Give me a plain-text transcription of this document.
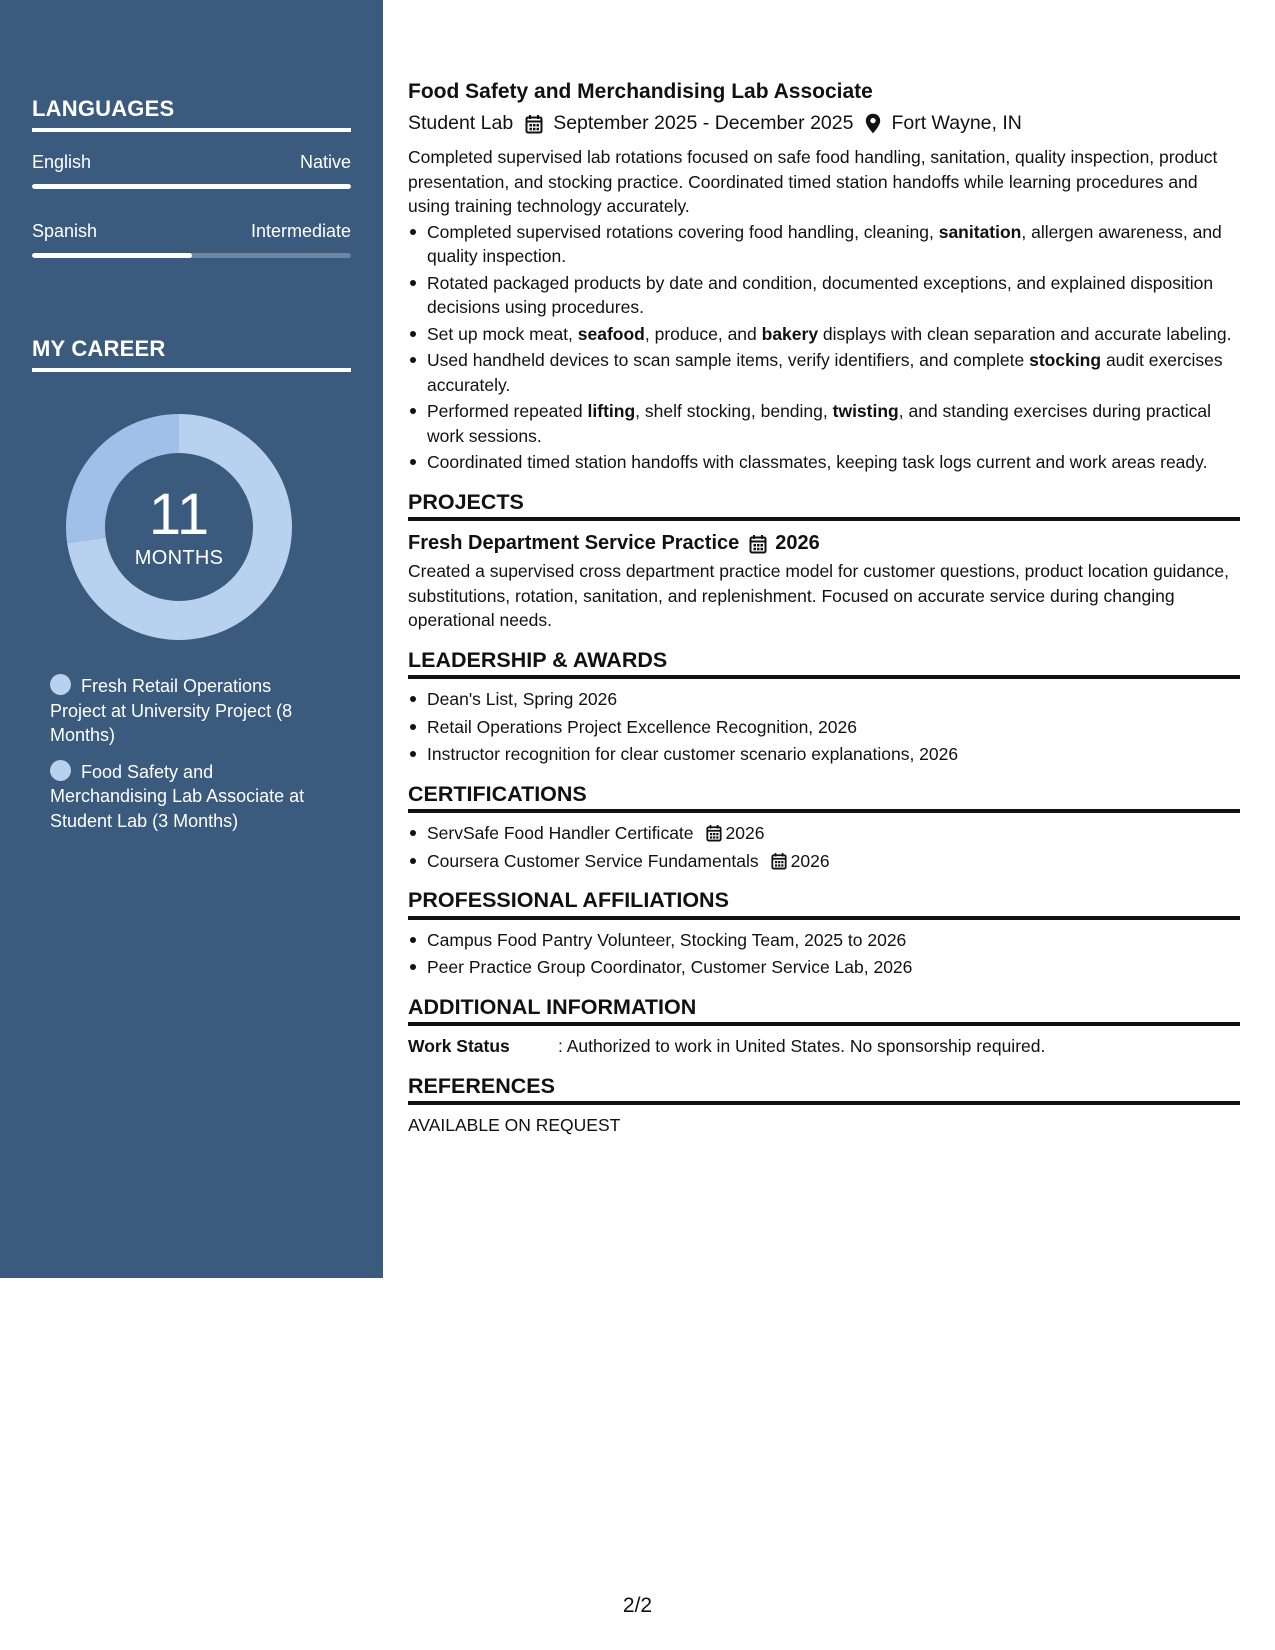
LANGUAGES
English	Native
Spanish	Intermediate
MY CAREER
11
MONTHS
Fresh Retail Operations Project at University Project (8 Months)
Food Safety and Merchandising Lab Associate at Student Lab (3 Months)
Food Safety and Merchandising Lab Associate
Student Lab September 2025 - December 2025 Fort Wayne, IN

Completed supervised lab rotations focused on safe food handling, sanitation, quality inspection, product presentation, and stocking practice. Coordinated timed station handoffs while learning procedures and using training technology accurately.

Completed supervised rotations covering food handling, cleaning, sanitation, allergen awareness, and quality inspection.
Rotated packaged products by date and condition, documented exceptions, and explained disposition decisions using procedures.
Set up mock meat, seafood, produce, and bakery displays with clean separation and accurate labeling.
Used handheld devices to scan sample items, verify identifiers, and complete stocking audit exercises accurately.
Performed repeated lifting, shelf stocking, bending, twisting, and standing exercises during practical work sessions.
Coordinated timed station handoffs with classmates, keeping task logs current and work areas ready.
PROJECTS
Fresh Department Service Practice 2026

Created a supervised cross department practice model for customer questions, product location guidance, substitutions, rotation, sanitation, and replenishment. Focused on accurate service during changing operational needs.

LEADERSHIP & AWARDS
Dean's List, Spring 2026
Retail Operations Project Excellence Recognition, 2026
Instructor recognition for clear customer scenario explanations, 2026
CERTIFICATIONS
ServSafe Food Handler Certificate 2026
Coursera Customer Service Fundamentals 2026
PROFESSIONAL AFFILIATIONS
Campus Food Pantry Volunteer, Stocking Team, 2025 to 2026
Peer Practice Group Coordinator, Customer Service Lab, 2026
ADDITIONAL INFORMATION
Work Status	: Authorized to work in United States. No sponsorship required.
REFERENCES
AVAILABLE ON REQUEST
2/2
